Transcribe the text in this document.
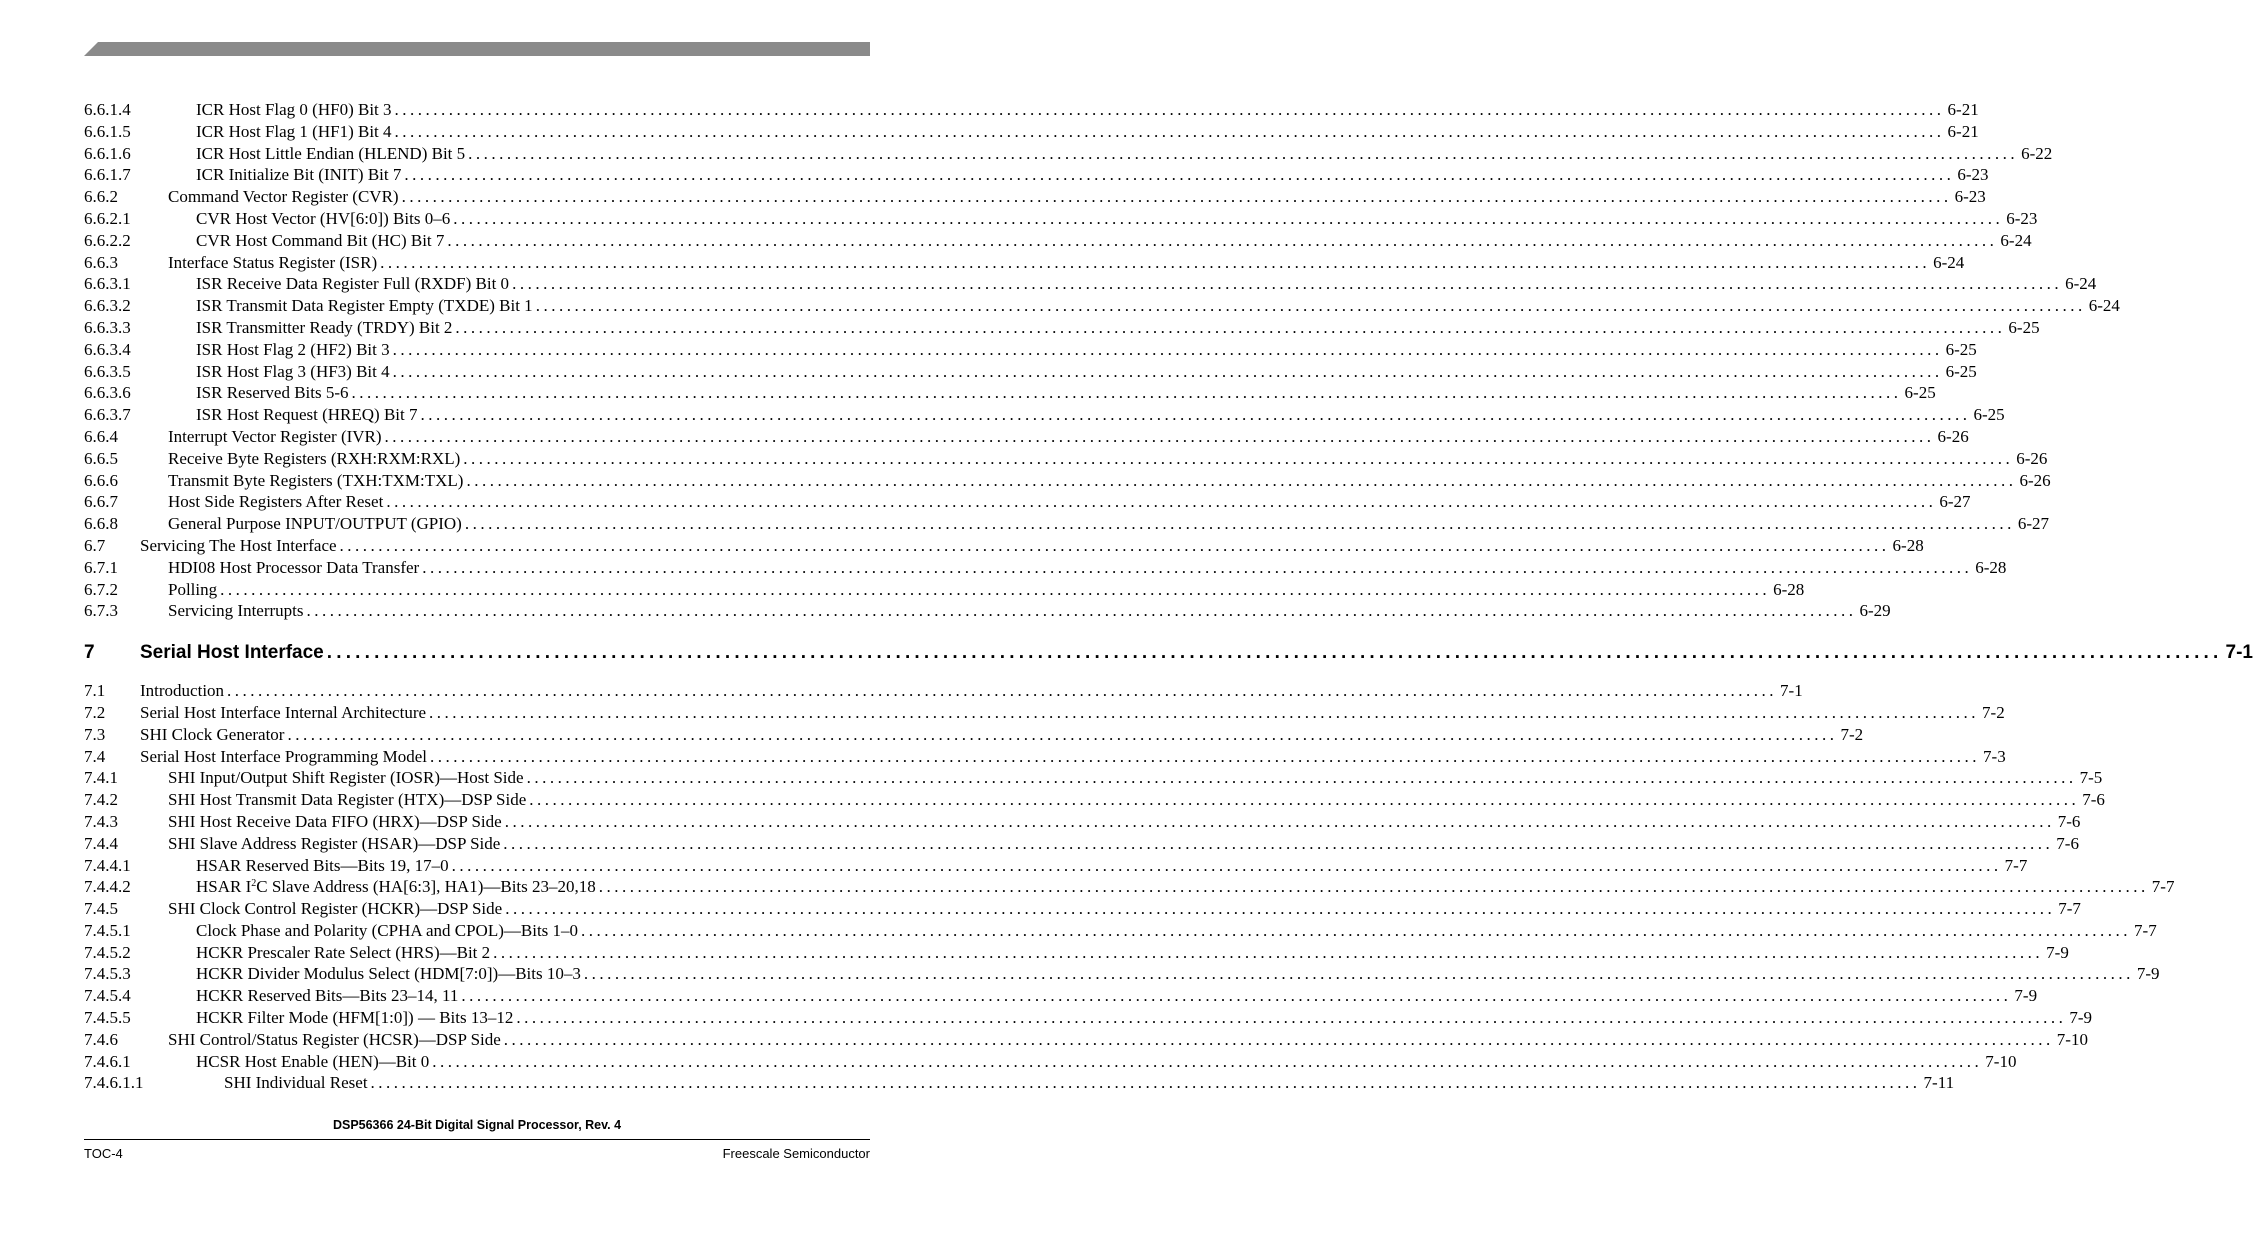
6.6.1.4	ICR Host Flag 0 (HF0) Bit 3 ........................................................................................................................................................................................................ 6-21
6.6.1.5	ICR Host Flag 1 (HF1) Bit 4 ........................................................................................................................................................................................................ 6-21
6.6.1.6	ICR Host Little Endian (HLEND) Bit 5 ........................................................................................................................................................................................................ 6-22
6.6.1.7	ICR Initialize Bit (INIT) Bit 7 ........................................................................................................................................................................................................ 6-23
6.6.2	Command Vector Register (CVR) ........................................................................................................................................................................................................ 6-23
6.6.2.1	CVR Host Vector (HV[6:0]) Bits 0–6 ........................................................................................................................................................................................................ 6-23
6.6.2.2	CVR Host Command Bit (HC) Bit 7 ........................................................................................................................................................................................................ 6-24
6.6.3	Interface Status Register (ISR) ........................................................................................................................................................................................................ 6-24
6.6.3.1	ISR Receive Data Register Full (RXDF) Bit 0 ........................................................................................................................................................................................................ 6-24
6.6.3.2	ISR Transmit Data Register Empty (TXDE) Bit 1 ........................................................................................................................................................................................................ 6-24
6.6.3.3	ISR Transmitter Ready (TRDY) Bit 2 ........................................................................................................................................................................................................ 6-25
6.6.3.4	ISR Host Flag 2 (HF2) Bit 3 ........................................................................................................................................................................................................ 6-25
6.6.3.5	ISR Host Flag 3 (HF3) Bit 4 ........................................................................................................................................................................................................ 6-25
6.6.3.6	ISR Reserved Bits 5-6 ........................................................................................................................................................................................................ 6-25
6.6.3.7	ISR Host Request (HREQ) Bit 7 ........................................................................................................................................................................................................ 6-25
6.6.4	Interrupt Vector Register (IVR) ........................................................................................................................................................................................................ 6-26
6.6.5	Receive Byte Registers (RXH:RXM:RXL) ........................................................................................................................................................................................................ 6-26
6.6.6	Transmit Byte Registers (TXH:TXM:TXL) ........................................................................................................................................................................................................ 6-26
6.6.7	Host Side Registers After Reset ........................................................................................................................................................................................................ 6-27
6.6.8	General Purpose INPUT/OUTPUT (GPIO) ........................................................................................................................................................................................................ 6-27
6.7 Servicing The Host Interface ........................................................................................................................................................................................................ 6-28
6.7.1	HDI08 Host Processor Data Transfer ........................................................................................................................................................................................................ 6-28
6.7.2	Polling ........................................................................................................................................................................................................ 6-28
6.7.3	Servicing Interrupts ........................................................................................................................................................................................................ 6-29
7 Serial Host Interface ........................................................................................................................................................................................................ 7-1
7.1 Introduction ........................................................................................................................................................................................................ 7-1
7.2 Serial Host Interface Internal Architecture ........................................................................................................................................................................................................ 7-2
7.3 SHI Clock Generator ........................................................................................................................................................................................................ 7-2
7.4 Serial Host Interface Programming Model ........................................................................................................................................................................................................ 7-3
7.4.1	SHI Input/Output Shift Register (IOSR)—Host Side ........................................................................................................................................................................................................ 7-5
7.4.2	SHI Host Transmit Data Register (HTX)—DSP Side ........................................................................................................................................................................................................ 7-6
7.4.3	SHI Host Receive Data FIFO (HRX)—DSP Side ........................................................................................................................................................................................................ 7-6
7.4.4	SHI Slave Address Register (HSAR)—DSP Side ........................................................................................................................................................................................................ 7-6
7.4.4.1	HSAR Reserved Bits—Bits 19, 17–0 ........................................................................................................................................................................................................ 7-7
7.4.4.2	HSAR $I^2C$ Slave Address (HA[6:3], HA1)—Bits 23–20,18 ........................................................................................................................................................................................................ 7-7
7.4.5	SHI Clock Control Register (HCKR)—DSP Side ........................................................................................................................................................................................................ 7-7
7.4.5.1	Clock Phase and Polarity (CPHA and CPOL)—Bits 1–0 ........................................................................................................................................................................................................ 7-7
7.4.5.2	HCKR Prescaler Rate Select (HRS)—Bit 2 ........................................................................................................................................................................................................ 7-9
7.4.5.3	HCKR Divider Modulus Select (HDM[7:0])—Bits 10–3 ........................................................................................................................................................................................................ 7-9
7.4.5.4	HCKR Reserved Bits—Bits 23–14, 11 ........................................................................................................................................................................................................ 7-9
7.4.5.5	HCKR Filter Mode (HFM[1:0]) — Bits 13–12 ........................................................................................................................................................................................................ 7-9
7.4.6	SHI Control/Status Register (HCSR)—DSP Side ........................................................................................................................................................................................................ 7-10
7.4.6.1	HCSR Host Enable (HEN)—Bit 0 ........................................................................................................................................................................................................ 7-10
7.4.6.1.1	SHI Individual Reset ........................................................................................................................................................................................................ 7-11
DSP56366 24-Bit Digital Signal Processor, Rev. 4
TOC-4	Freescale Semiconductor
